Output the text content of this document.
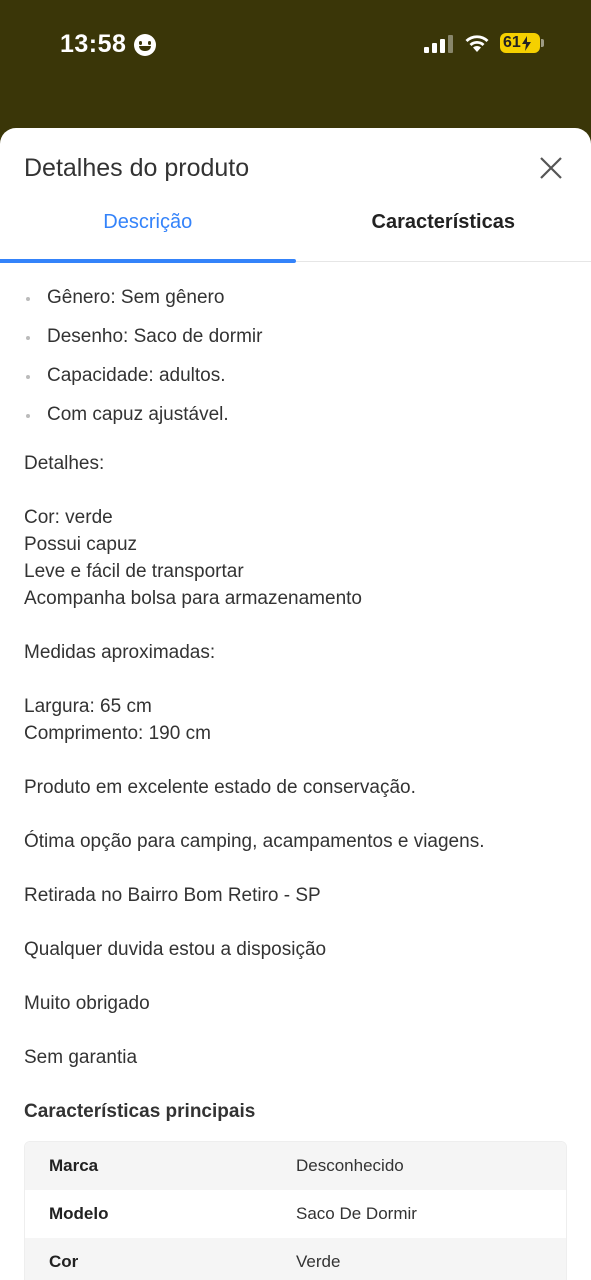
13:58	61
Detalhes do produto
Descrição	Características
Gênero: Sem gênero
Desenho: Saco de dormir
Capacidade: adultos.
Com capuz ajustável.
Detalhes:
Cor: verde
Possui capuz
Leve e fácil de transportar
Acompanha bolsa para armazenamento
Medidas aproximadas:
Largura: 65 cm
Comprimento: 190 cm
Produto em excelente estado de conservação.
Ótima opção para camping, acampamentos e viagens.
Retirada no Bairro Bom Retiro - SP
Qualquer duvida estou a disposição
Muito obrigado
Sem garantia
Características principais
Marca	Desconhecido
Modelo	Saco De Dormir
Cor	Verde
